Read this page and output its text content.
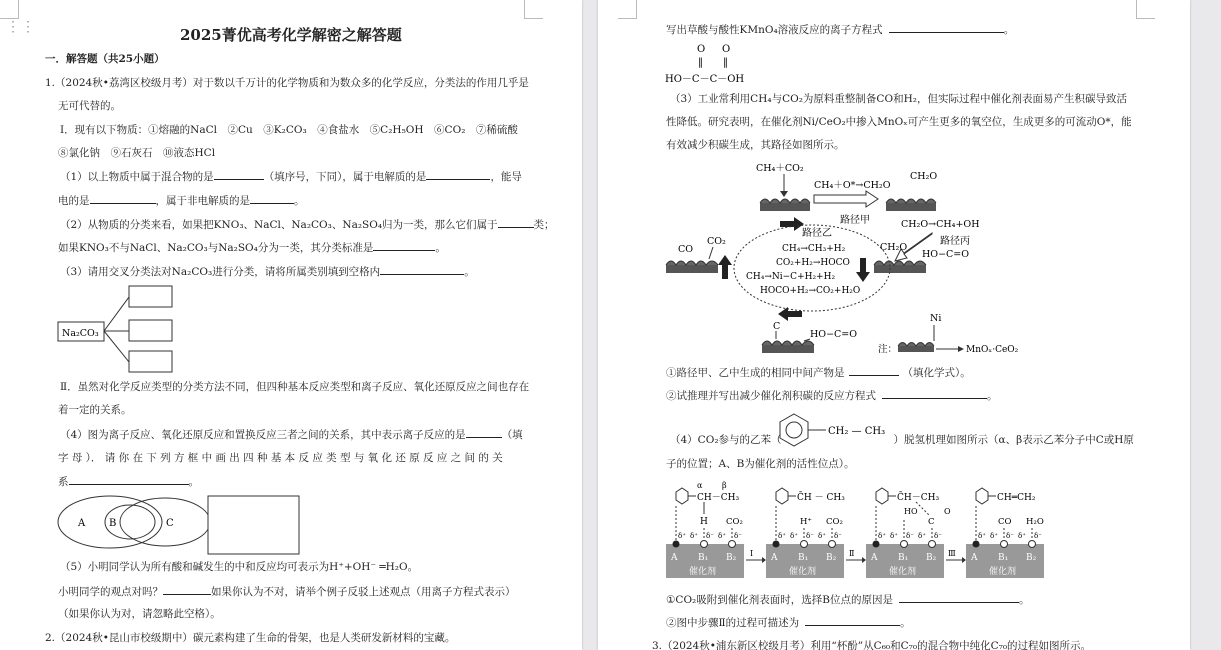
⋮⋮	2025菁优高考化学解密之解答题
一．解答题（共25小题）
1.（2024秋•荔湾区校级月考）对于数以千万计的化学物质和为数众多的化学反应，分类法的作用几乎是
无可代替的。
Ⅰ．现有以下物质：①熔融的NaCl　②Cu　③K₂CO₃　④食盐水　⑤C₂H₅OH　⑥CO₂　⑦稀硫酸
⑧氯化钠　⑨石灰石　⑩液态HCl
（1）以上物质中属于混合物的是	（填序号，下同），属于电解质的是	，能导
电的是	，属于非电解质的是	。
（2）从物质的分类来看，如果把KNO₃、NaCl、Na₂CO₃、Na₂SO₄归为一类，那么它们属于	类；
如果KNO₃不与NaCl、Na₂CO₃与Na₂SO₄分为一类，其分类标准是	。
（3）请用交叉分类法对Na₂CO₃进行分类，请将所属类别填到空格内	。
Na₂CO₃
Ⅱ．虽然对化学反应类型的分类方法不同，但四种基本反应类型和离子反应、氧化还原反应之间也存在
着一定的关系。
（4）图为离子反应、氧化还原反应和置换反应三者之间的关系，其中表示离子反应的是	（填
字 母 ）． 请 你 在 下 列 方 框 中 画 出 四 种 基 本 反 应 类 型 与 氧 化 还 原 反 应 之 间 的 关
系	。
A B	C
（5）小明同学认为所有酸和碱发生的中和反应均可表示为H⁺+OH⁻ ═H₂O。
小明同学的观点对吗？	如果你认为不对，请举个例子反驳上述观点（用离子方程式表示）
（如果你认为对，请忽略此空格）。
2.（2024秋•昆山市校级期中）碳元素构建了生命的骨架，也是人类研发新材料的宝藏。
写出草酸与酸性KMnO₄溶液反应的离子方程式	。
O O
‖ ‖
HO－C－C－OH
（3）工业常利用CH₄与CO₂为原料重整制备CO和H₂，但实际过程中催化剂表面易产生积碳导致活
性降低。研究表明，在催化剂Ni/CeO₂中掺入MnOₓ可产生更多的氧空位，生成更多的可流动O*，能
有效减少积碳生成，其路径如图所示。
CH₄＋CO₂
CH₄＋O*→CH₂O
路径甲
CH₂O
CH₂O→CH₄+OH
路径丙
路径乙
CH₄→CH₃+H₂
CO₂+H₂→HOCO
CH₄→Ni−C+H₂+H₂
HOCO+H₂→CO₂+H₂O
CH₂O
HO−C=O
CO
CO₂
C
HO−C=O
Ni
注：	MnOₓ·CeO₂
①路径甲、乙中生成的相同中间产物是	（填化学式）。
②试推理并写出减少催化剂积碳的反应方程式	。
（4）CO₂参与的乙苯（	）脱氢机理如图所示（α、β表示乙苯分子中C或H原
CH₂ — CH₃
子的位置；A、B为催化剂的活性位点）。
α β
CH－CH₃
H CO₂
δ⁺ δ⁺ δ⁻ δ⁺ δ⁻
A B₁ B₂
催化剂
Ⅰ
C̄H － CH₃
H⁺ CO₂
δ⁺ δ⁺ δ⁻ δ⁺ δ⁻
A B₁ B₂
催化剂
Ⅱ
C̄H－CH₃
HO	O
C
δ⁺ δ⁺ δ⁻ δ⁺ δ⁻
A B₁ B₂
催化剂
Ⅲ
CH═CH₂
CO H₂O
δ⁺ δ⁺ δ⁻ δ⁺ δ⁻
A B₁ B₂
催化剂
①CO₂吸附到催化剂表面时，选择B位点的原因是	。
②图中步骤Ⅱ的过程可描述为	。
3.（2024秋•浦东新区校级月考）利用“杯酚”从C₆₀和C₇₀的混合物中纯化C₇₀的过程如图所示。
